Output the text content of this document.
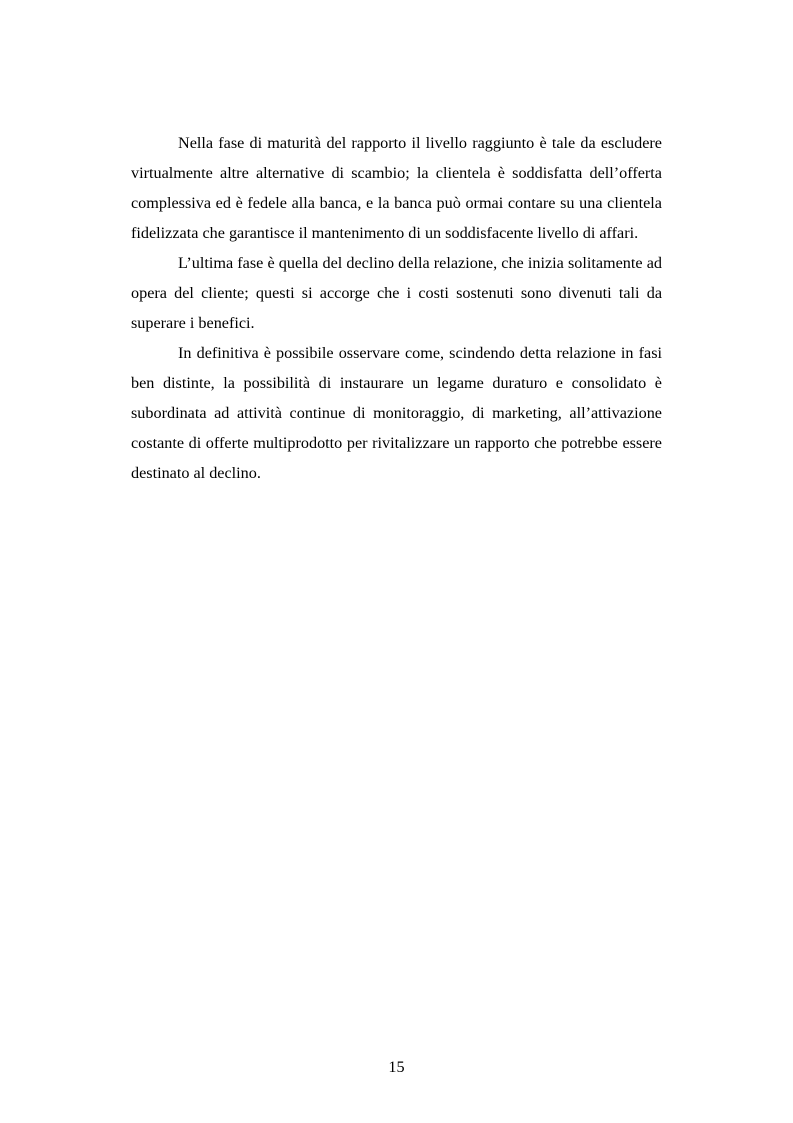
Nella fase di maturità del rapporto il livello raggiunto è tale da escludere virtualmente altre alternative di scambio; la clientela è soddisfatta dell’offerta complessiva ed è fedele alla banca, e la banca può ormai contare su una clientela fidelizzata che garantisce il mantenimento di un soddisfacente livello di affari.

L’ultima fase è quella del declino della relazione, che inizia solitamente ad opera del cliente; questi si accorge che i costi sostenuti sono divenuti tali da superare i benefici.

In definitiva è possibile osservare come, scindendo detta relazione in fasi ben distinte, la possibilità di instaurare un legame duraturo e consolidato è subordinata ad attività continue di monitoraggio, di marketing, all’attivazione costante di offerte multiprodotto per rivitalizzare un rapporto che potrebbe essere destinato al declino.

15
